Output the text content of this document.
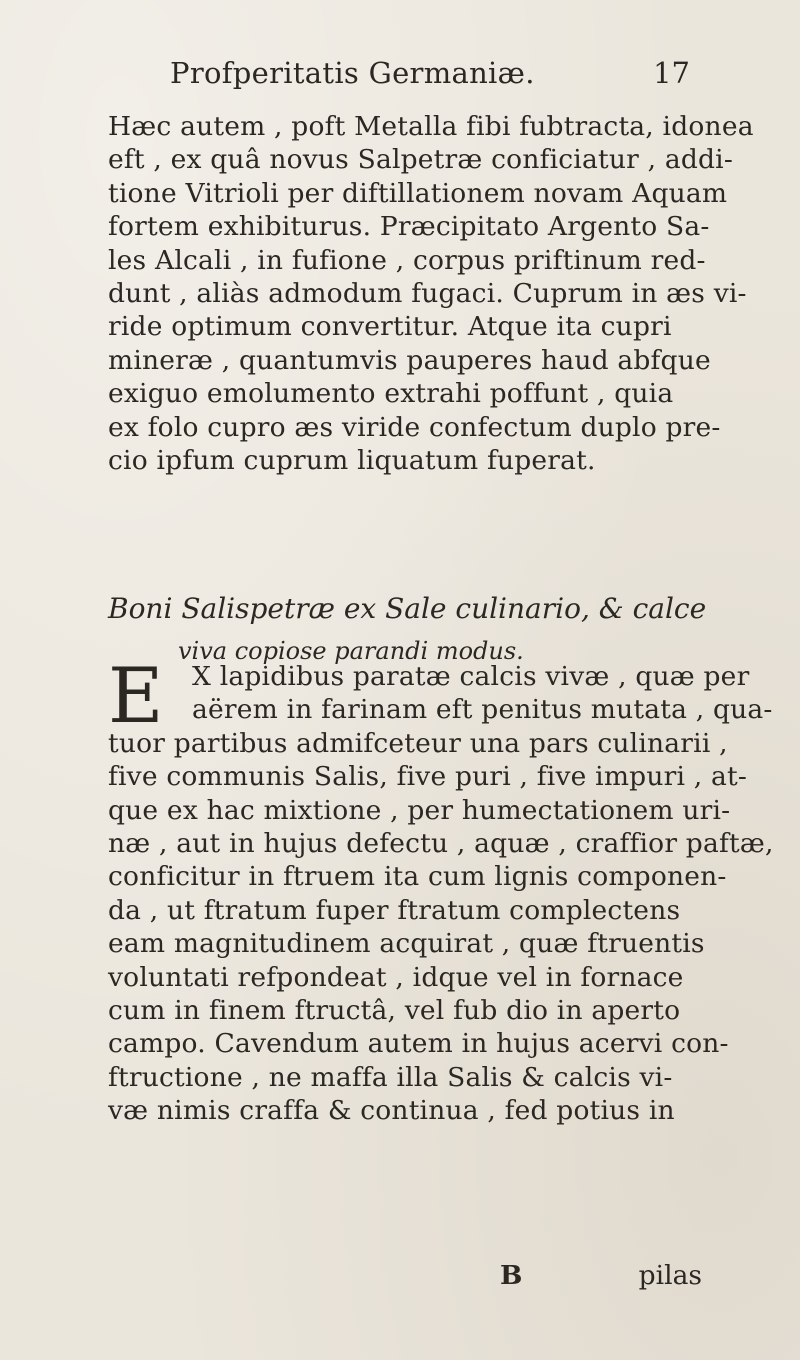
Profperitatis Germaniæ.	17
Hæc autem , poft Metalla fibi fubtracta, idonea
eft , ex quâ novus Salpetræ conficiatur , addi-
tione Vitrioli per diftillationem novam Aquam
fortem exhibiturus. Præcipitato Argento Sa-
les Alcali , in fufione , corpus priftinum red-
dunt , aliàs admodum fugaci. Cuprum in æs vi-
ride optimum convertitur. Atque ita cupri
mineræ , quantumvis pauperes haud abfque
exiguo emolumento extrahi poffunt , quia
ex folo cupro æs viride confectum duplo pre-
cio ipfum cuprum liquatum fuperat.
Boni Salispetræ ex Sale culinario, & calce
viva copiose parandi modus.
E	X lapidibus paratæ calcis vivæ , quæ per
aërem in farinam eft penitus mutata , qua-
tuor partibus admifceteur una pars culinarii ,
five communis Salis, five puri , five impuri , at-
que ex hac mixtione , per humectationem uri-
næ , aut in hujus defectu , aquæ , craffior paftæ,
conficitur in ftruem ita cum lignis componen-
da , ut ftratum fuper ftratum complectens
eam magnitudinem acquirat , quæ ftruentis
voluntati refpondeat , idque vel in fornace
cum in finem ftructâ, vel fub dio in aperto
campo. Cavendum autem in hujus acervi con-
ftructione , ne maffa illa Salis & calcis vi-
væ nimis craffa & continua , fed potius in
B	pilas
